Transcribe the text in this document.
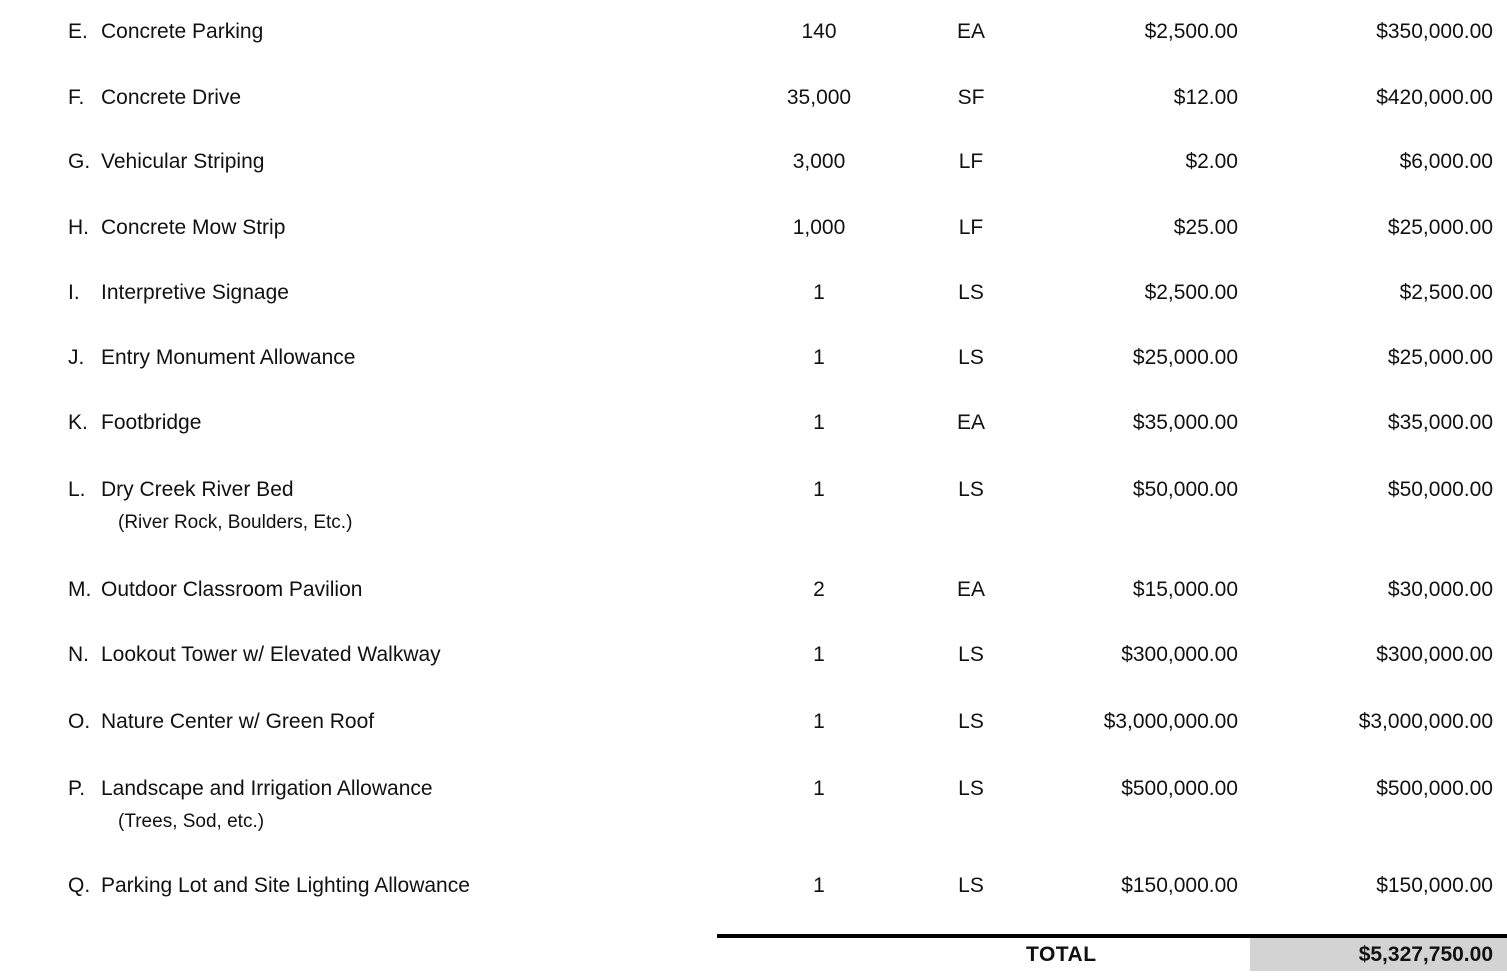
E. Concrete Parking	140	EA	$2,500.00	$350,000.00
F. Concrete Drive	35,000	SF	$12.00	$420,000.00
G. Vehicular Striping	3,000	LF	$2.00	$6,000.00
H. Concrete Mow Strip	1,000	LF	$25.00	$25,000.00
I. Interpretive Signage	1	LS	$2,500.00	$2,500.00
J. Entry Monument Allowance	1	LS	$25,000.00	$25,000.00
K. Footbridge	1	EA	$35,000.00	$35,000.00
L. Dry Creek River Bed
(River Rock, Boulders, Etc.)
1	LS	$50,000.00	$50,000.00
M. Outdoor Classroom Pavilion	2	EA	$15,000.00	$30,000.00
N. Lookout Tower w/ Elevated Walkway	1	LS	$300,000.00	$300,000.00
O. Nature Center w/ Green Roof	1	LS	$3,000,000.00	$3,000,000.00
P. Landscape and Irrigation Allowance
(Trees, Sod, etc.)
1	LS	$500,000.00	$500,000.00
Q. Parking Lot and Site Lighting Allowance	1	LS	$150,000.00	$150,000.00
TOTAL	$5,327,750.00
